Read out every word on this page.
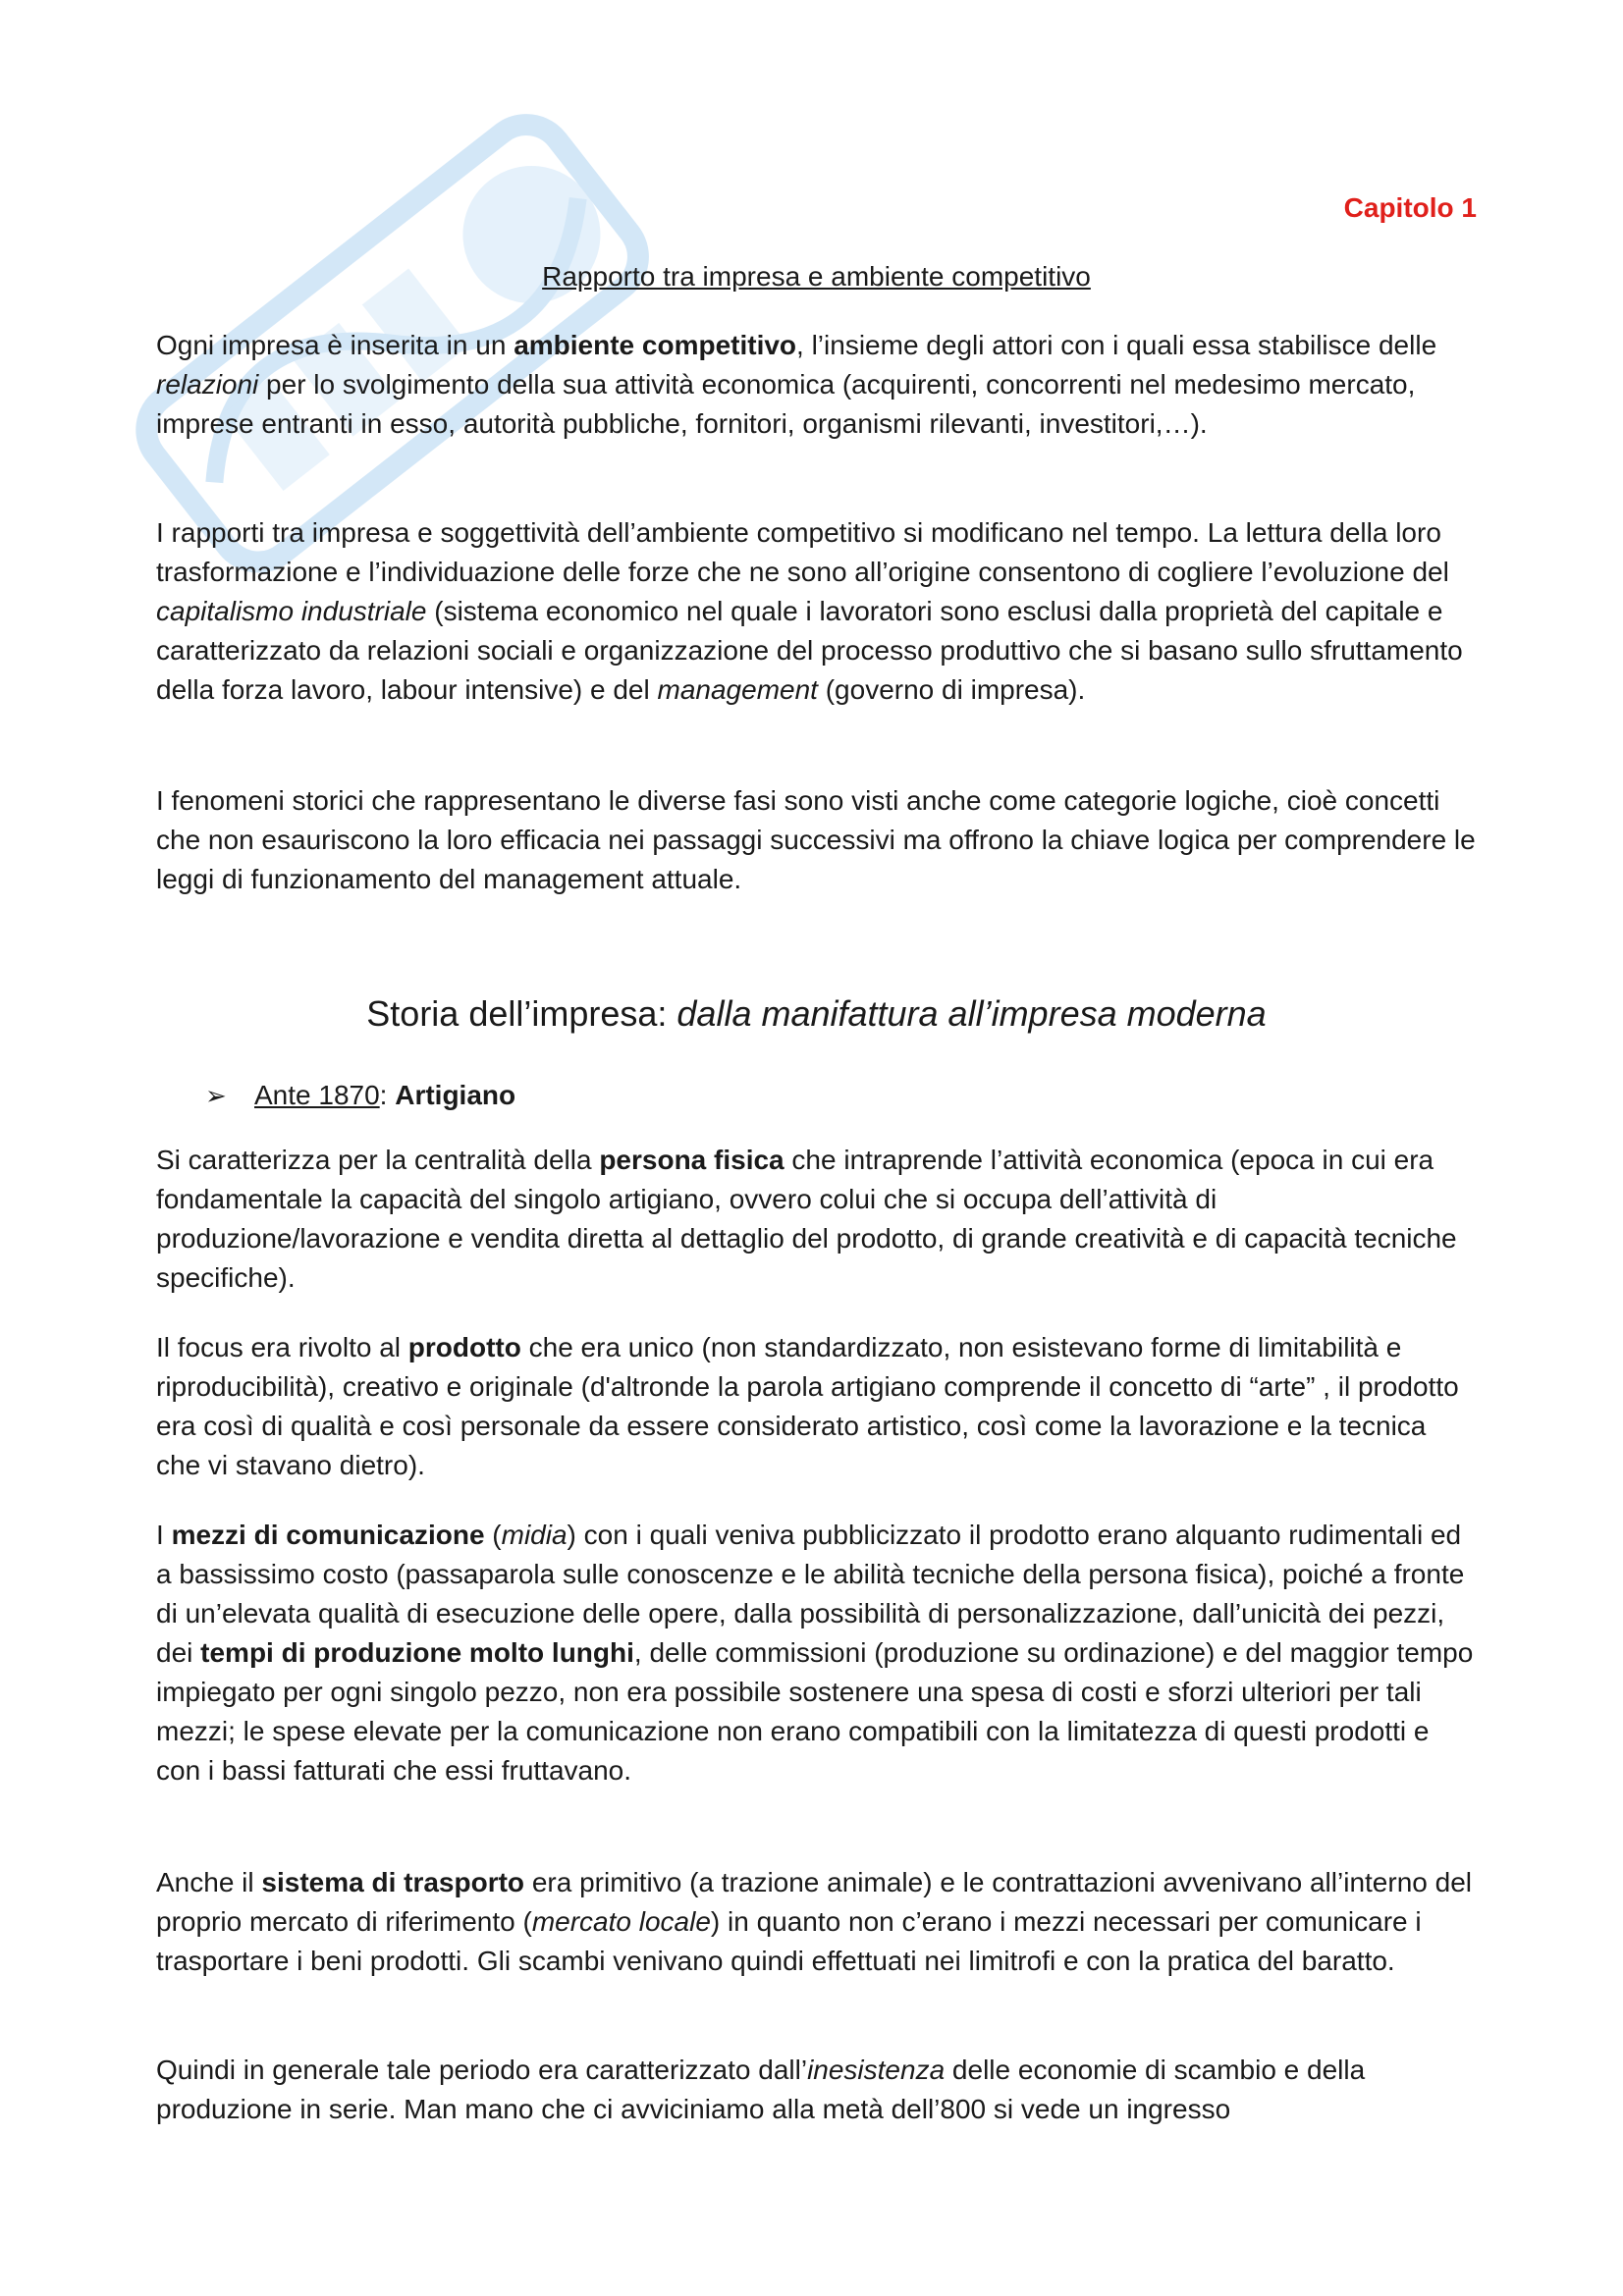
Capitolo 1
Rapporto tra impresa e ambiente competitivo

Ogni impresa è inserita in un ambiente competitivo, l’insieme degli attori con i quali essa stabilisce delle relazioni per lo svolgimento della sua attività economica (acquirenti, concorrenti nel medesimo mercato, imprese entranti in esso, autorità pubbliche, fornitori, organismi rilevanti, investitori,…).

I rapporti tra impresa e soggettività dell’ambiente competitivo si modificano nel tempo. La lettura della loro trasformazione e l’individuazione delle forze che ne sono all’origine consentono di cogliere l’evoluzione del capitalismo industriale (sistema economico nel quale i lavoratori sono esclusi dalla proprietà del capitale e caratterizzato da relazioni sociali e organizzazione del processo produttivo che si basano sullo sfruttamento della forza lavoro, labour intensive) e del management (governo di impresa).

I fenomeni storici che rappresentano le diverse fasi sono visti anche come categorie logiche, cioè concetti che non esauriscono la loro efficacia nei passaggi successivi ma offrono la chiave logica per comprendere le leggi di funzionamento del management attuale.

Storia dell’impresa: dalla manifattura all’impresa moderna
➢ Ante 1870: Artigiano

Si caratterizza per la centralità della persona fisica che intraprende l’attività economica (epoca in cui era fondamentale la capacità del singolo artigiano, ovvero colui che si occupa dell’attività di produzione/lavorazione e vendita diretta al dettaglio del prodotto, di grande creatività e di capacità tecniche specifiche).

Il focus era rivolto al prodotto che era unico (non standardizzato, non esistevano forme di limitabilità e riproducibilità), creativo e originale (d'altronde la parola artigiano comprende il concetto di “arte” , il prodotto era così di qualità e così personale da essere considerato artistico, così come la lavorazione e la tecnica che vi stavano dietro).

I mezzi di comunicazione (midia) con i quali veniva pubblicizzato il prodotto erano alquanto rudimentali ed a bassissimo costo (passaparola sulle conoscenze e le abilità tecniche della persona fisica), poiché a fronte di un’elevata qualità di esecuzione delle opere, dalla possibilità di personalizzazione, dall’unicità dei pezzi, dei tempi di produzione molto lunghi, delle commissioni (produzione su ordinazione) e del maggior tempo impiegato per ogni singolo pezzo, non era possibile sostenere una spesa di costi e sforzi ulteriori per tali mezzi; le spese elevate per la comunicazione non erano compatibili con la limitatezza di questi prodotti e con i bassi fatturati che essi fruttavano.

Anche il sistema di trasporto era primitivo (a trazione animale) e le contrattazioni avvenivano all’interno del proprio mercato di riferimento (mercato locale) in quanto non c’erano i mezzi necessari per comunicare i trasportare i beni prodotti. Gli scambi venivano quindi effettuati nei limitrofi e con la pratica del baratto.

Quindi in generale tale periodo era caratterizzato dall’inesistenza delle economie di scambio e della produzione in serie. Man mano che ci avviciniamo alla metà dell’800 si vede un ingresso
